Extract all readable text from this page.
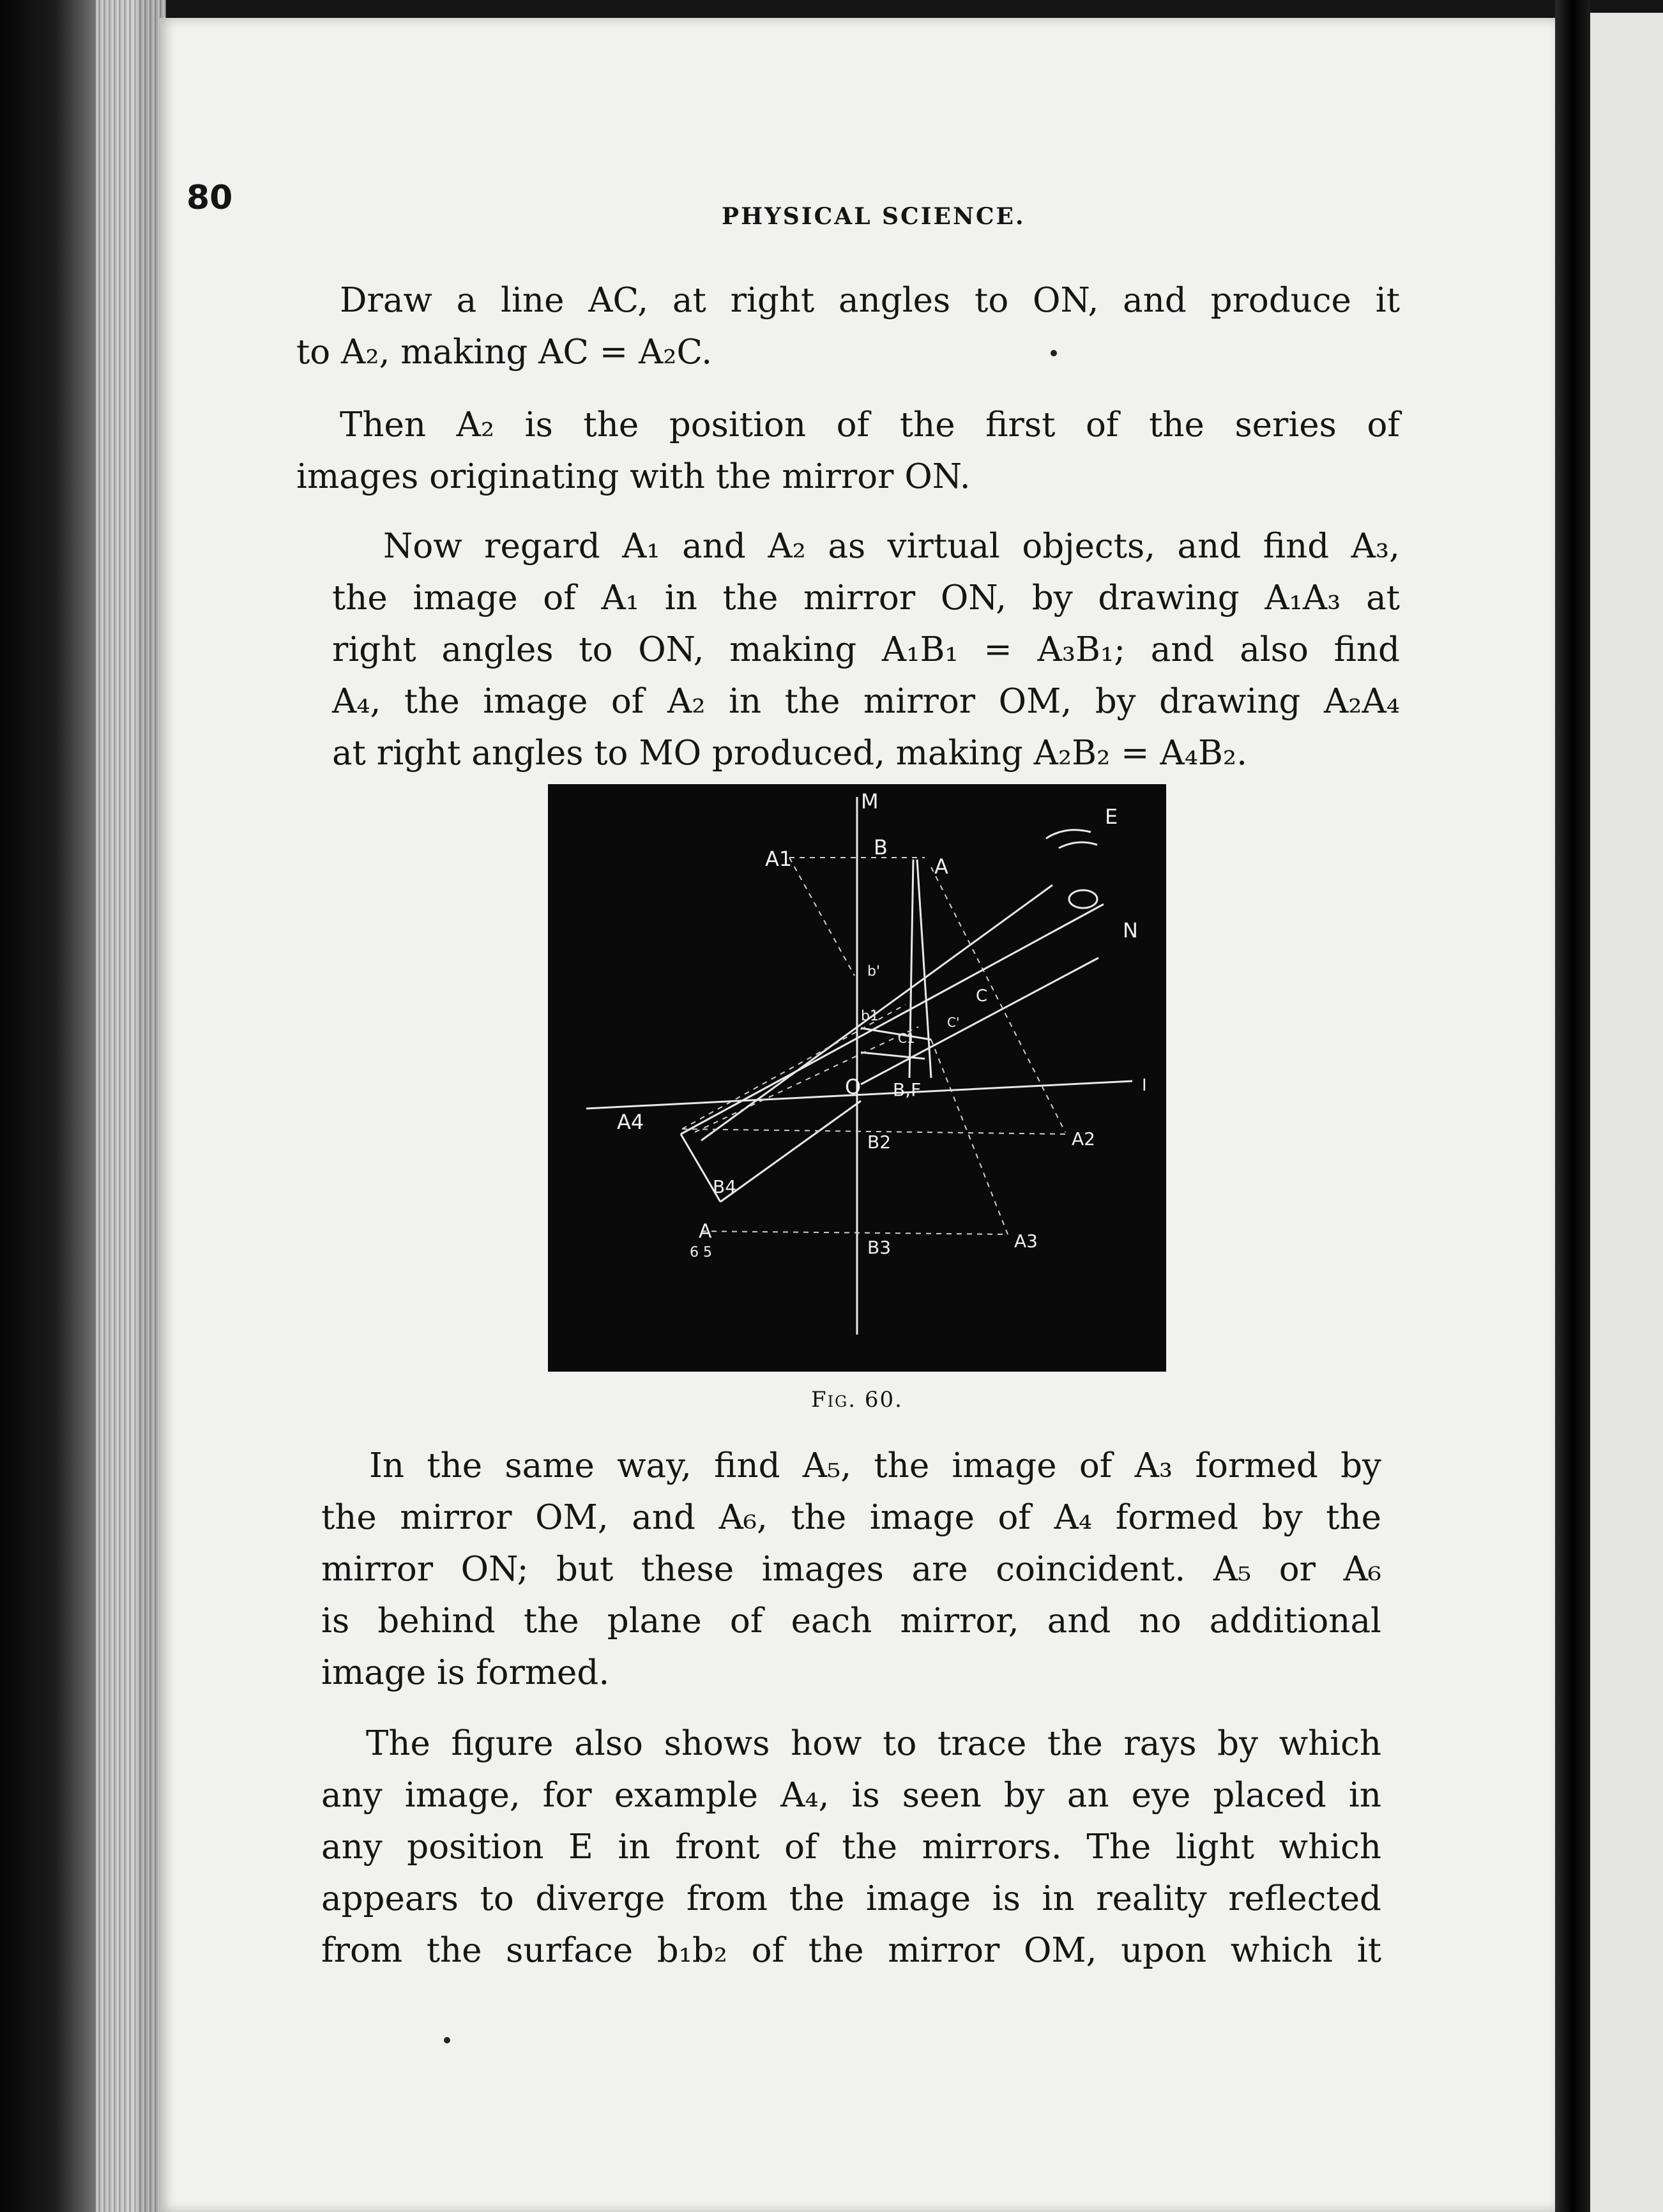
80	PHYSICAL SCIENCE.
Draw a line AC, at right angles to ON, and produce it
to A₂, making AC = A₂C.
Then A₂ is the position of the first of the series of
images originating with the mirror ON.
Now regard A₁ and A₂ as virtual objects, and find A₃,
the image of A₁ in the mirror ON, by drawing A₁A₃ at
right angles to ON, making A₁B₁ = A₃B₁; and also find
A₄, the image of A₂ in the mirror OM, by drawing A₂A₄
at right angles to MO produced, making A₂B₂ = A₄B₂.
M
E
N
B
A
A1
b'
b1
C
C1
C'
O B,F	I
A4
A2
B2
B4
B3	A3
A
6 5
Fig. 60.
In the same way, find A₅, the image of A₃ formed by
the mirror OM, and A₆, the image of A₄ formed by the
mirror ON; but these images are coincident. A₅ or A₆
is behind the plane of each mirror, and no additional
image is formed.
The figure also shows how to trace the rays by which
any image, for example A₄, is seen by an eye placed in
any position E in front of the mirrors. The light which
appears to diverge from the image is in reality reflected
from the surface b₁b₂ of the mirror OM, upon which it
